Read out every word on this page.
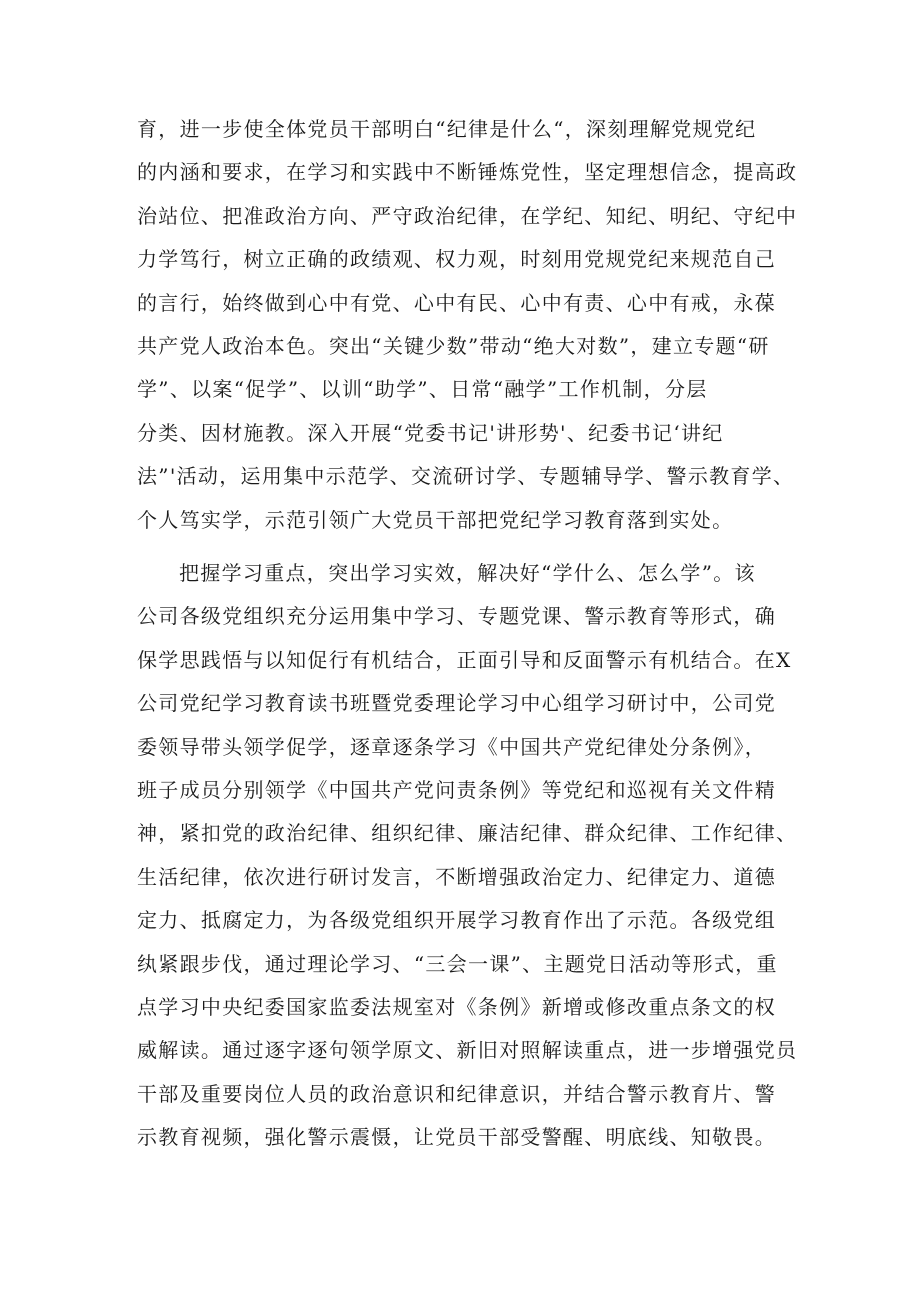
育，进一步使全体党员干部明白“纪律是什么“，深刻理解党规党纪
的内涵和要求，在学习和实践中不断锤炼党性，坚定理想信念，提高政
治站位、把准政治方向、严守政治纪律，在学纪、知纪、明纪、守纪中
力学笃行，树立正确的政绩观、权力观，时刻用党规党纪来规范自己
的言行，始终做到心中有党、心中有民、心中有责、心中有戒，永葆
共产党人政治本色。突出“关键少数”带动“绝大对数”，建立专题“研
学”、以案“促学”、以训“助学”、日常“融学”工作机制，分层
分类、因材施教。深入开展“党委书记'讲形势'、纪委书记‘讲纪
法”'活动，运用集中示范学、交流研讨学、专题辅导学、警示教育学、
个人笃实学，示范引领广大党员干部把党纪学习教育落到实处。
把握学习重点，突出学习实效，解决好“学什么、怎么学”。该
公司各级党组织充分运用集中学习、专题党课、警示教育等形式，确
保学思践悟与以知促行有机结合，正面引导和反面警示有机结合。在X
公司党纪学习教育读书班暨党委理论学习中心组学习研讨中，公司党
委领导带头领学促学，逐章逐条学习《中国共产党纪律处分条例》，
班子成员分别领学《中国共产党问责条例》等党纪和巡视有关文件精
神，紧扣党的政治纪律、组织纪律、廉洁纪律、群众纪律、工作纪律、
生活纪律，依次进行研讨发言，不断增强政治定力、纪律定力、道德
定力、抵腐定力，为各级党组织开展学习教育作出了示范。各级党组
纨紧跟步伐，通过理论学习、“三会一课”、主题党日活动等形式，重
点学习中央纪委国家监委法规室对《条例》新增或修改重点条文的权
威解读。通过逐字逐句领学原文、新旧对照解读重点，进一步增强党员
干部及重要岗位人员的政治意识和纪律意识，并结合警示教育片、警
示教育视频，强化警示震慑，让党员干部受警醒、明底线、知敬畏。
